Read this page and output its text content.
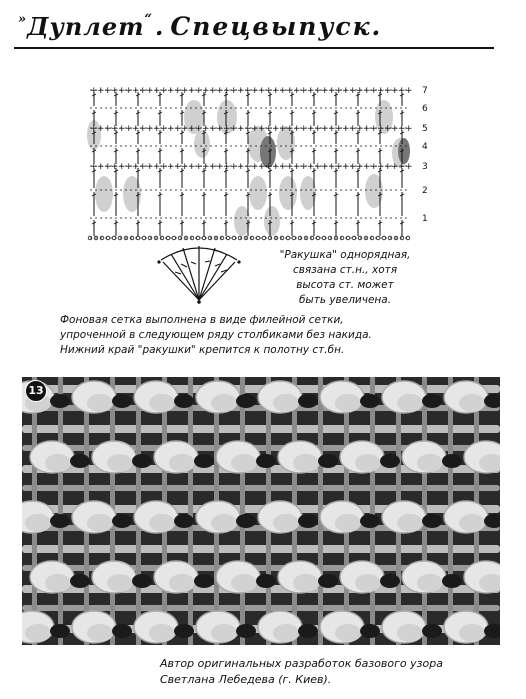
»Дуплет“. Спецвыпуск.
+ + + + + + + + + + + + + + + + + + + + + + + + + + + + + + + + + + + + + + + + + + + + + +
+ + + + + + + + + + + + + + + + + + + + + + + + + + + + + + + + + + + + + + + + + + + + + +
+ + + + + + + + + + + + + + + + + + + + + + + + + + + + + + + + + + + + + + + + + + + + + +
7
6
5
4
3
2
1
"Ракушка" однорядная,
связана ст.н., хотя
высота ст. может
быть увеличена.
Фоновая сетка выполнена в виде филейной сетки,
упроченной в следующем ряду столбиками без накида.
Нижний край "ракушки" крепится к полотну ст.бн.
13
Автор оригинальных разработок базового узора
Светлана Лебедева (г. Киев).
